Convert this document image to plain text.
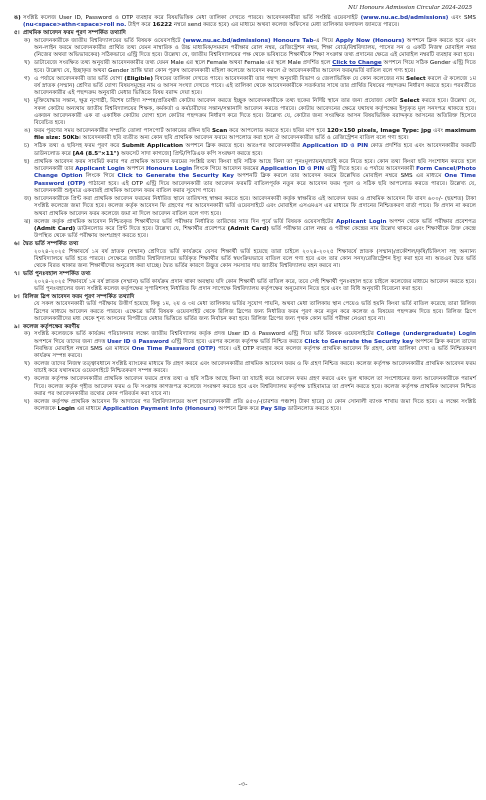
NU Honours Admission Circular 2024-2025
ঙ) সংশ্লিষ্ট কলেজ User ID, Password ও OTP ব্যবহার করে বিষয়ভিত্তিক মেধা তালিকা দেখতে পারবে। আবেদনকারীরা ভর্তি সংশ্লিষ্ট ওয়েবসাইট (www.nu.ac.bd/admissions) এবং SMS (nu<space>athn<space>roll no. টাইপ করে 16222 নম্বরে send করতে হবে) এর মাধ্যমে অথবা কলেজ অফিসের মেধা তালিকার ফলাফল জানতে পারবে।
৫। প্রাথমিক আবেদন ফরম পূরণ সম্পর্কিত তথ্যাদি
ক) আবেদনকারীকে জাতীয় বিশ্ববিদ্যালয়ের ভর্তি বিষয়ক ওয়েবসাইটে (www.nu.ac.bd/admissions) Honours Tab-এ গিয়ে Apply Now (Honours) অপশনে ক্লিক করতে হবে এবং অন-লাইন ফরমে আবেদনকারীর প্রার্থিত তথ্য যেমন নাম্বারিক ও উচ্চ মাধ্যমিক/সমমান পরীক্ষার রোল নম্বর, রেজিস্ট্রেশন নম্বর, শিক্ষা বোর্ড/বিশ্ববিদ্যালয়, পাসের সন ও একটি নিজস্ব মোবাইল নম্বর (নিজের অথবা অভিভাবকের) সঠিকভাবে এন্ট্রি দিতে হবে। উল্লেখ্য যে, জাতীয় বিশ্ববিদ্যালয়ের পক্ষ থেকে ভবিষ্যতে শিক্ষার্থীকে শিক্ষা সংক্রান্ত তথ্য প্রদানের ক্ষেত্রে এই মোবাইল নম্বরটি ব্যবহার করা হবে।
খ) ডাটাবেজে সংরক্ষিত তথ্য অনুযায়ী আবেদনকারীর তথ্য যেমন Male এর স্থলে Female অথবা Female এর স্থলে Male প্রদর্শিত হলে Click to Change অপশনে গিয়ে সঠিক Gender এন্ট্রি দিতে হবে। উল্লেখ্য যে, ইচ্ছাকৃত অথবা Gender ভ্রান্তি দ্বারা কোন পুরুষ আবেদনকারী মহিলা কলেজে আবেদন করলে ঐ আবেদনকারীর আবেদন ফরম/ভর্তি বাতিল বলে গণ্য হবে।
গ) এ পর্যায়ে আবেদনকারী তার ভর্তি যোগ্য (Eligible) বিষয়ের তালিকা দেখতে পাবে। আবেদনকারী তার পছন্দ অনুযায়ী বিভাগ ও জেলাভিত্তিক যে কোন কলেজের নাম Select করলে ঐ কলেজে ১ম বর্ষ স্নাতক (সম্মান) শ্রেণির ভর্তি যোগ্য বিষয়সমূহের নাম ও আসন সংখ্যা দেখতে পাবে। এই তালিকা থেকে আবেদনকারীকে সতর্কতার সাথে তার প্রার্থিত বিষয়ের পছন্দক্রম নির্ধারণ করতে হবে। পরবর্তীতে আবেদনকারীর এই পছন্দক্রম অনুযায়ী মেধার ভিত্তিতে বিষয় বরাদ্দ দেয়া হবে।
ঘ) মুক্তিযোদ্ধার সন্তান, ক্ষুদ্র নৃগোষ্ঠী, বিশেষ চাহিদা সম্পন্ন/প্রতিবন্ধী কোটায় আবেদন করতে ইচ্ছুক আবেদনকারীকে তথ্য ছকের নির্দিষ্ট স্থানে তার জন্য প্রযোজ্য কোটা Select করতে হবে। উল্লেখ্য যে, সকল কোটায় অন্যথায় জাতীয় বিশ্ববিদ্যালয়ের শিক্ষক, কর্মকর্তা ও কর্মচারীদের সন্তান/সন্তানাদি আবেদন করতে পারবে। কোটায় আবেদনের ক্ষেত্রে যথাযথ কর্তৃপক্ষের ইস্যুকৃত মূল সনদপত্র থাকতে হবে। একজন আবেদনকারী এক বা একাধিক কোটায় যোগ্য হলে কোটার পছন্দক্রম নির্ধারণ করে দিতে হবে। উল্লেখ্য যে, কোটার জন্য সংরক্ষিত আসন বিষয়ভিত্তিক বরাদ্দকৃত আসনের অতিরিক্ত হিসেবে বিবেচিত হবে।
ঙ) ফরম পূরণের সময় আবেদনকারীর সম্প্রতি তোলা পাসপোর্ট আকারের রঙ্গিন ছবি Scan করে আপলোড করতে হবে। ছবির মাপ হবে 120×150 pixels, Image Type: jpg এবং maximum file size: 50Kb। আবেদনকারী ছবি ব্যতীত অন্য কোন ছবি প্রাথমিক আবেদন ফরমে আপলোড করা হলে ঐ আবেদনকারীর ভর্তি ও রেজিস্ট্রেশন বাতিল বলে গণ্য হবে।
চ) সঠিক তথ্য ও ছবিসহ ফরম পূরণ করে Submit Application অপশনে ক্লিক করতে হবে। অতঃপর আবেদনকারীর Application ID ও PIN কোড প্রদর্শিত হবে এবং আবেদনকারীর ফরমটি ডাউনলোড করে [A4 (8.5"×11") অফসেট সাদা কাগজে] প্রিন্ট/পিডিএফ কপি সংরক্ষণ করতে হবে।
ছ) প্রাথমিক আবেদন ফরম সাবমিট করার পর প্রাথমিক আবেদন ফরমের সংশ্লিষ্ট তথ্য কিংবা ছবি সঠিক আছে কিনা তা পুনঃমূল্যায়ন/যাচাই করে নিতে হবে। কোন তথ্য কিংবা ছবি সংশোধন করতে হলে আবেদনকারী তার Applicant Login অপশনে Honours Login লিংকে গিয়ে আবেদন ফরমের Application ID ও PIN এন্ট্রি দিতে হবে। এ পর্যায়ে আবেদনকারী Form Cancel/Photo Change Option লিংকে গিয়ে Click to Generate the Security Key অপশনটি ক্লিক করলে তার আবেদন ফরমে উল্লেখিত মোবাইল নম্বরে SMS এর মাধ্যমে One Time Password (OTP) পাঠানো হবে। এই OTP এন্ট্রি দিয়ে আবেদনকারী তার আবেদন ফরমটি বাতিলপূর্বক নতুন করে আবেদন ফরম পূরণ ও সঠিক ছবি আপলোড করতে পারবে। উল্লেখ্য যে, আবেদনকারী শুধুমাত্র একবারই প্রাথমিক আবেদন ফরম বাতিল করার সুযোগ পাবে।
জ) আবেদনকারীকে প্রিন্ট করা প্রাথমিক আবেদন ফরমের নির্ধারিত স্থানে তারিখসহ স্বাক্ষর করতে হবে। আবেদনকারী কর্তৃক স্বাক্ষরিত এই আবেদন ফরম ও প্রাথমিক আবেদন ফি বাবদ ৬০০/- (ছয়শত) টাকা সংশ্লিষ্ট কলেজে জমা দিতে হবে। কলেজ কর্তৃক আবেদন ফি গ্রহণের পর আবেদনকারী ভর্তি ওয়েবসাইটে এবং মোবাইল এসএমএস এর মাধ্যমে ফি প্রদানের নিশ্চিতকরণ বার্তা পাবে। ফি প্রদান না করলে অথবা প্রাথমিক আবেদন ফরম কলেজে জমা না দিলে আবেদন বাতিল বলে গণ্য হবে।
ঝ) কলেজ কর্তৃক প্রাথমিক আবেদন নিশ্চিতকৃত শিক্ষার্থীদের ভর্তি পরীক্ষার নির্ধারিত তারিখের সাত দিন পূর্বে ভর্তি বিষয়ক ওয়েবসাইটের Applicant Login অপশন থেকে ভর্তি পরীক্ষার প্রবেশপত্র (Admit Card) ডাউনলোড করে প্রিন্ট দিতে হবে। উল্লেখ্য যে, শিক্ষার্থীর প্রবেশপত্র (Admit Card) ভর্তি পরীক্ষার রোল নম্বর ও পরীক্ষা কেন্দ্রের নাম উল্লেখ থাকবে এবং শিক্ষার্থীকে উক্ত কেন্দ্রে উপস্থিত থেকে ভর্তি পরীক্ষায় অংশগ্রহণ করতে হবে।
৬। দ্বৈত ভর্তি সম্পর্কিত তথ্য
২০২৪-২০২৫ শিক্ষাবর্ষে ১ম বর্ষ স্নাতক (সম্মান) শ্রেণিতে ভর্তি কার্যক্রমে যেসব শিক্ষার্থী ভর্তি হয়েছে তারা চাইলে ২০২৪-২০২৫ শিক্ষাবর্ষে স্নাতক (সম্মান)/প্রকৌশল/কৃষি/চিকিৎসা সহ অন্যান্য বিশ্ববিদ্যালয়ে ভর্তি হতে পারবে। সেক্ষেত্রে জাতীয় বিশ্ববিদ্যালয়ে ভর্তিকৃত শিক্ষার্থীর ভর্তি স্বয়ংক্রিয়ভাবে বাতিল বলে গণ্য হবে এবং তার কোন সনদ/রেজিস্ট্রেশন ইস্যু করা হবে না। অতএব দ্বৈত ভর্তি থেকে বিরত থাকার জন্য শিক্ষার্থীদের অনুরোধ করা যাচ্ছে। দ্বৈত ভর্তির কারণে উদ্ভূত কোন সমস্যার দায় জাতীয় বিশ্ববিদ্যালয় বহন করবে না।
৭। ভর্তি পুনঃবহাল সম্পর্কিত তথ্য
২০২৪-২০২৫ শিক্ষাবর্ষে ১ম বর্ষ স্নাতক (সম্মান) ভর্তি কার্যক্রম প্রদান থাকা অবস্থায় যদি কোন শিক্ষার্থী ভর্তি বাতিল করে, তবে সেই শিক্ষার্থী পুনঃবহাল হতে চাইলে কলেজের মাধ্যমে আবেদন করতে হবে। ভর্তি পুনঃবহালের জন্য সংশ্লিষ্ট কলেজ কর্তৃপক্ষের সুপারিশসহ নির্ধারিত ফি প্রদান সাপেক্ষে বিশ্ববিদ্যালয় কর্তৃপক্ষের অনুমোদন নিতে হবে এবং তা বিধি অনুযায়ী বিবেচনা করা হবে।
৮। রিলিজ স্লিপ আবেদন ফরম পূরণ সম্পর্কিত তথ্যাদি
যে সকল আবেদনকারী ভর্তি পরীক্ষায় উত্তীর্ণ হয়েছে কিন্তু ১ম, ২য় ও ৩য় মেধা তালিকায় ভর্তির সুযোগ পায়নি, অথবা মেধা তালিকায় স্থান পেয়েও ভর্তি হয়নি কিংবা ভর্তি বাতিল করেছে তারা রিলিজ স্লিপের মাধ্যমে আবেদন করতে পারবে। এক্ষেত্রে ভর্তি বিষয়ক ওয়েবসাইট থেকে রিলিজ স্লিপের জন্য নির্ধারিত ফরম পূরণ করে নতুন করে কলেজ ও বিষয়ের পছন্দক্রম দিতে হবে। রিলিজ স্লিপে আবেদনকারীদের মধ্য থেকে শূন্য আসনের বিপরীতে মেধার ভিত্তিতে ভর্তির জন্য নির্বাচন করা হবে। রিলিজ স্লিপের জন্য পৃথক কোন ভর্তি পরীক্ষা নেওয়া হবে না।
৯। কলেজ কর্তৃপক্ষের করণীয়
ক) সংশ্লিষ্ট কলেজকে ভর্তি কার্যক্রম পরিচালনার লক্ষ্যে জাতীয় বিশ্ববিদ্যালয় কর্তৃক প্রদত্ত User ID ও Password এন্ট্রি দিয়ে ভর্তি বিষয়ক ওয়েবসাইটের College (undergraduate) Login অপশনে গিয়ে তাদের জন্য প্রদত্ত User ID ও Password এন্ট্রি দিতে হবে। এরপর কলেজ কর্তৃপক্ষ ভর্তি নিশ্চিত করতে Click to Generate the Security key অপশনে ক্লিক করলে তাদের নিবন্ধিত মোবাইল নম্বরে SMS এর মাধ্যমে One Time Password (OTP) পাবে। এই OTP ব্যবহার করে কলেজ কর্তৃপক্ষ প্রাথমিক আবেদন ফি গ্রহণ, মেধা তালিকা দেখা ও ভর্তি নিশ্চিতকরণ কার্যক্রম সম্পন্ন করবে।
খ) কলেজ তাদের নিজস্ব তত্ত্বাবধানে সংশ্লিষ্ট ব্যাংকের মাধ্যমে ফি গ্রহণ করবে এবং আবেদনকারীর প্রাথমিক আবেদন ফরম ও ফি গ্রহণ নিশ্চিত করবে। কলেজ কর্তৃপক্ষ আবেদনকারীর প্রাথমিক আবেদন ফরম যাচাই করে যথাসময়ে ওয়েবসাইটে নিশ্চিতকরণ সম্পন্ন করবে।
গ) কলেজ কর্তৃপক্ষ আবেদনকারীর প্রাথমিক আবেদন ফরমে প্রদত্ত তথ্য ও ছবি সঠিক আছে কিনা তা যাচাই করে আবেদন ফরম গ্রহণ করবে এবং ভুল থাকলে তা সংশোধনের জন্য আবেদনকারীকে পরামর্শ দিবে। কলেজ কর্তৃক গৃহীত আবেদন ফরম ও ফি সংক্রান্ত কাগজপত্র কলেজে সংরক্ষণ করতে হবে এবং বিশ্ববিদ্যালয় কর্তৃপক্ষ চাহিবামাত্র তা প্রদর্শন করতে হবে। কলেজ কর্তৃপক্ষ প্রাথমিক আবেদন নিশ্চিত করার পর আবেদনকারীর তথ্যের কোন পরিবর্তন করা যাবে না।
ঘ) কলেজ কর্তৃপক্ষ প্রাথমিক আবেদন ফি আদায়ের পর বিশ্ববিদ্যালয়ের অংশ [আবেদনকারী প্রতি ৪৫০/-(চারশত পঞ্চাশ) টাকা হারে] যে কোন সোনালী ব্যাংক শাখায় জমা দিতে হবে। এ লক্ষ্যে সংশ্লিষ্ট কলেজকে Login এর মাধ্যমে Application Payment Info (Honours) অপশনে ক্লিক করে Pay Slip ডাউনলোড করতে হবে।
-৩-
